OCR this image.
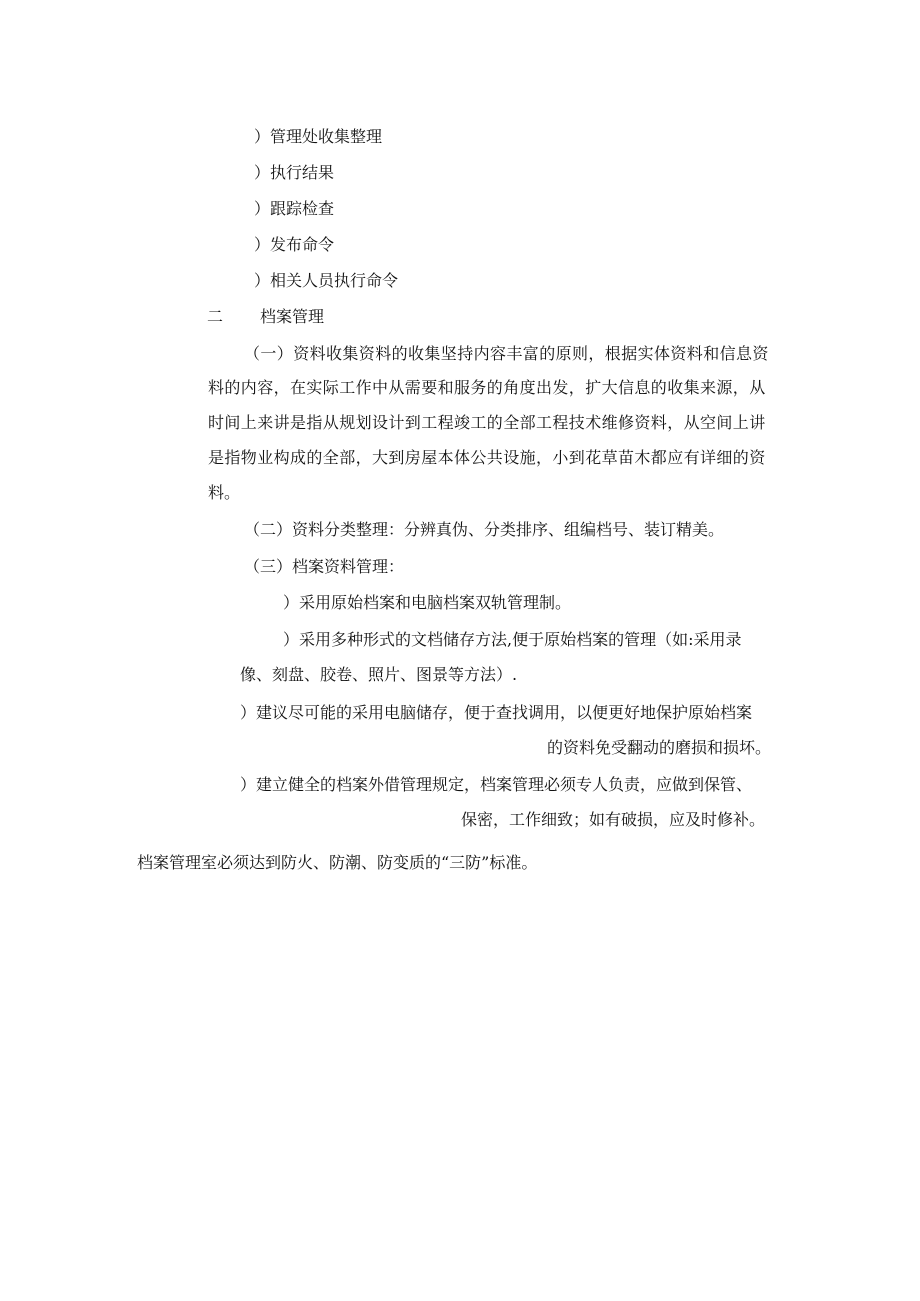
）管理处收集整理

）执行结果

）跟踪检查

）发布命令

）相关人员执行命令

二 档案管理

（一）资料收集资料的收集坚持内容丰富的原则，根据实体资料和信息资

料的内容，在实际工作中从需要和服务的角度出发，扩大信息的收集来源，从

时间上来讲是指从规划设计到工程竣工的全部工程技术维修资料，从空间上讲

是指物业构成的全部，大到房屋本体公共设施，小到花草苗木都应有详细的资

料。

（二）资料分类整理：分辨真伪、分类排序、组编档号、装订精美。

（三）档案资料管理：

）采用原始档案和电脑档案双轨管理制。

）采用多种形式的文档储存方法,便于原始档案的管理（如:采用录

像、刻盘、胶卷、照片、图景等方法）.

）建议尽可能的采用电脑储存，便于查找调用，以便更好地保护原始档案

的资料免受翻动的磨损和损坏。

）建立健全的档案外借管理规定，档案管理必须专人负责，应做到保管、

保密，工作细致；如有破损，应及时修补。

档案管理室必须达到防火、防潮、防变质的“三防”标准。
